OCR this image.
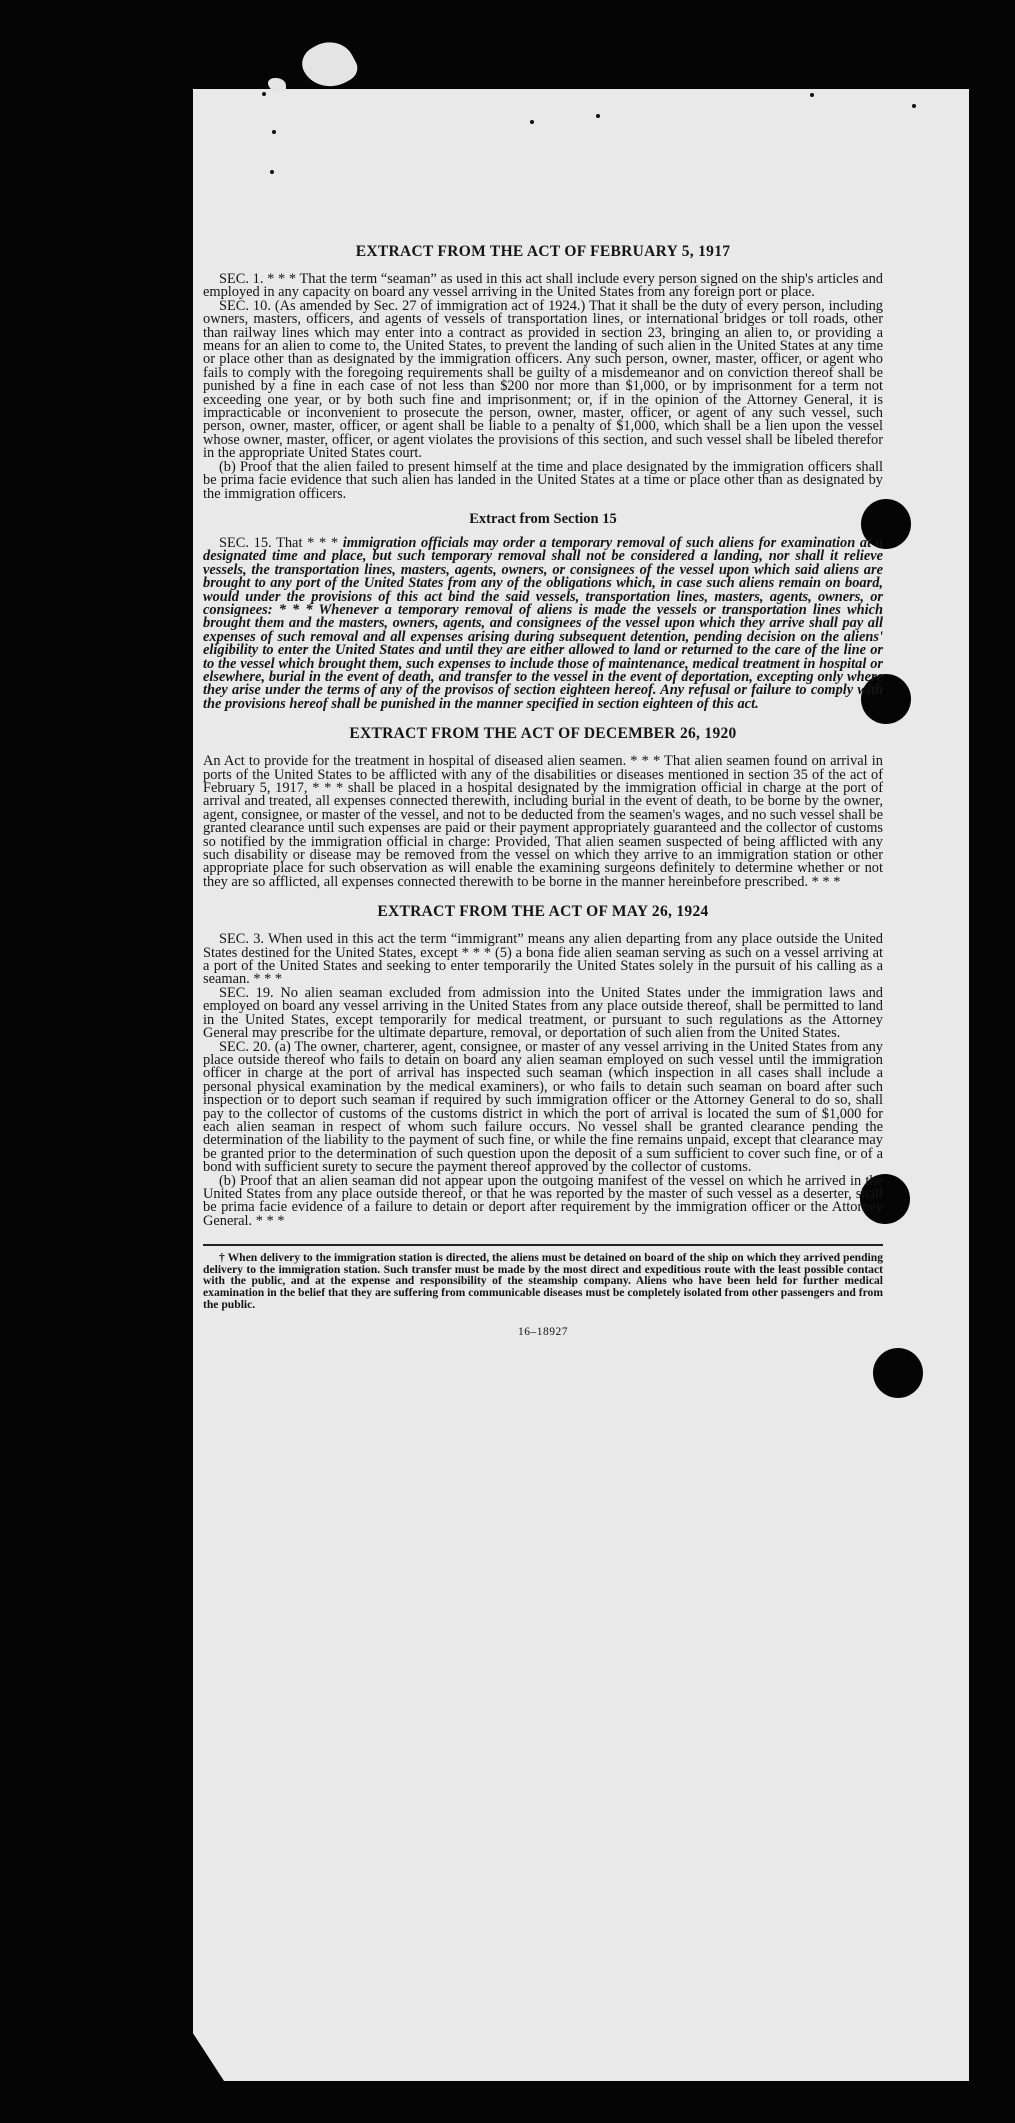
EXTRACT FROM THE ACT OF FEBRUARY 5, 1917

SEC. 1. * * * That the term “seaman” as used in this act shall include every person signed on the ship's articles and employed in any capacity on board any vessel arriving in the United States from any foreign port or place.

SEC. 10. (As amended by Sec. 27 of immigration act of 1924.) That it shall be the duty of every person, including owners, masters, officers, and agents of vessels of transportation lines, or international bridges or toll roads, other than railway lines which may enter into a contract as provided in section 23, bringing an alien to, or providing a means for an alien to come to, the United States, to prevent the landing of such alien in the United States at any time or place other than as designated by the immigration officers. Any such person, owner, master, officer, or agent who fails to comply with the foregoing requirements shall be guilty of a misdemeanor and on conviction thereof shall be punished by a fine in each case of not less than $200 nor more than $1,000, or by imprisonment for a term not exceeding one year, or by both such fine and imprisonment; or, if in the opinion of the Attorney General, it is impracticable or inconvenient to prosecute the person, owner, master, officer, or agent of any such vessel, such person, owner, master, officer, or agent shall be liable to a penalty of $1,000, which shall be a lien upon the vessel whose owner, master, officer, or agent violates the provisions of this section, and such vessel shall be libeled therefor in the appropriate United States court.

(b) Proof that the alien failed to present himself at the time and place designated by the immigration officers shall be prima facie evidence that such alien has landed in the United States at a time or place other than as designated by the immigration officers.

Extract from Section 15

SEC. 15. That * * * immigration officials may order a temporary removal of such aliens for examination at a designated time and place, but such temporary removal shall not be considered a landing, nor shall it relieve vessels, the transportation lines, masters, agents, owners, or consignees of the vessel upon which said aliens are brought to any port of the United States from any of the obligations which, in case such aliens remain on board, would under the provisions of this act bind the said vessels, transportation lines, masters, agents, owners, or consignees: * * * Whenever a temporary removal of aliens is made the vessels or transportation lines which brought them and the masters, owners, agents, and consignees of the vessel upon which they arrive shall pay all expenses of such removal and all expenses arising during subsequent detention, pending decision on the aliens' eligibility to enter the United States and until they are either allowed to land or returned to the care of the line or to the vessel which brought them, such expenses to include those of maintenance, medical treatment in hospital or elsewhere, burial in the event of death, and transfer to the vessel in the event of deportation, excepting only where they arise under the terms of any of the provisos of section eighteen hereof. Any refusal or failure to comply with the provisions hereof shall be punished in the manner specified in section eighteen of this act.

EXTRACT FROM THE ACT OF DECEMBER 26, 1920

An Act to provide for the treatment in hospital of diseased alien seamen. * * * That alien seamen found on arrival in ports of the United States to be afflicted with any of the disabilities or diseases mentioned in section 35 of the act of February 5, 1917, * * * shall be placed in a hospital designated by the immigration official in charge at the port of arrival and treated, all expenses connected therewith, including burial in the event of death, to be borne by the owner, agent, consignee, or master of the vessel, and not to be deducted from the seamen's wages, and no such vessel shall be granted clearance until such expenses are paid or their payment appropriately guaranteed and the collector of customs so notified by the immigration official in charge: Provided, That alien seamen suspected of being afflicted with any such disability or disease may be removed from the vessel on which they arrive to an immigration station or other appropriate place for such observation as will enable the examining surgeons definitely to determine whether or not they are so afflicted, all expenses connected therewith to be borne in the manner hereinbefore prescribed. * * *

EXTRACT FROM THE ACT OF MAY 26, 1924

SEC. 3. When used in this act the term “immigrant” means any alien departing from any place outside the United States destined for the United States, except * * * (5) a bona fide alien seaman serving as such on a vessel arriving at a port of the United States and seeking to enter temporarily the United States solely in the pursuit of his calling as a seaman. * * *

SEC. 19. No alien seaman excluded from admission into the United States under the immigration laws and employed on board any vessel arriving in the United States from any place outside thereof, shall be permitted to land in the United States, except temporarily for medical treatment, or pursuant to such regulations as the Attorney General may prescribe for the ultimate departure, removal, or deportation of such alien from the United States.

SEC. 20. (a) The owner, charterer, agent, consignee, or master of any vessel arriving in the United States from any place outside thereof who fails to detain on board any alien seaman employed on such vessel until the immigration officer in charge at the port of arrival has inspected such seaman (which inspection in all cases shall include a personal physical examination by the medical examiners), or who fails to detain such seaman on board after such inspection or to deport such seaman if required by such immigration officer or the Attorney General to do so, shall pay to the collector of customs of the customs district in which the port of arrival is located the sum of $1,000 for each alien seaman in respect of whom such failure occurs. No vessel shall be granted clearance pending the determination of the liability to the payment of such fine, or while the fine remains unpaid, except that clearance may be granted prior to the determination of such question upon the deposit of a sum sufficient to cover such fine, or of a bond with sufficient surety to secure the payment thereof approved by the collector of customs.

(b) Proof that an alien seaman did not appear upon the outgoing manifest of the vessel on which he arrived in the United States from any place outside thereof, or that he was reported by the master of such vessel as a deserter, shall be prima facie evidence of a failure to detain or deport after requirement by the immigration officer or the Attorney General. * * *

† When delivery to the immigration station is directed, the aliens must be detained on board of the ship on which they arrived pending delivery to the immigration station. Such transfer must be made by the most direct and expeditious route with the least possible contact with the public, and at the expense and responsibility of the steamship company. Aliens who have been held for further medical examination in the belief that they are suffering from communicable diseases must be completely isolated from other passengers and from the public.

16–18927
